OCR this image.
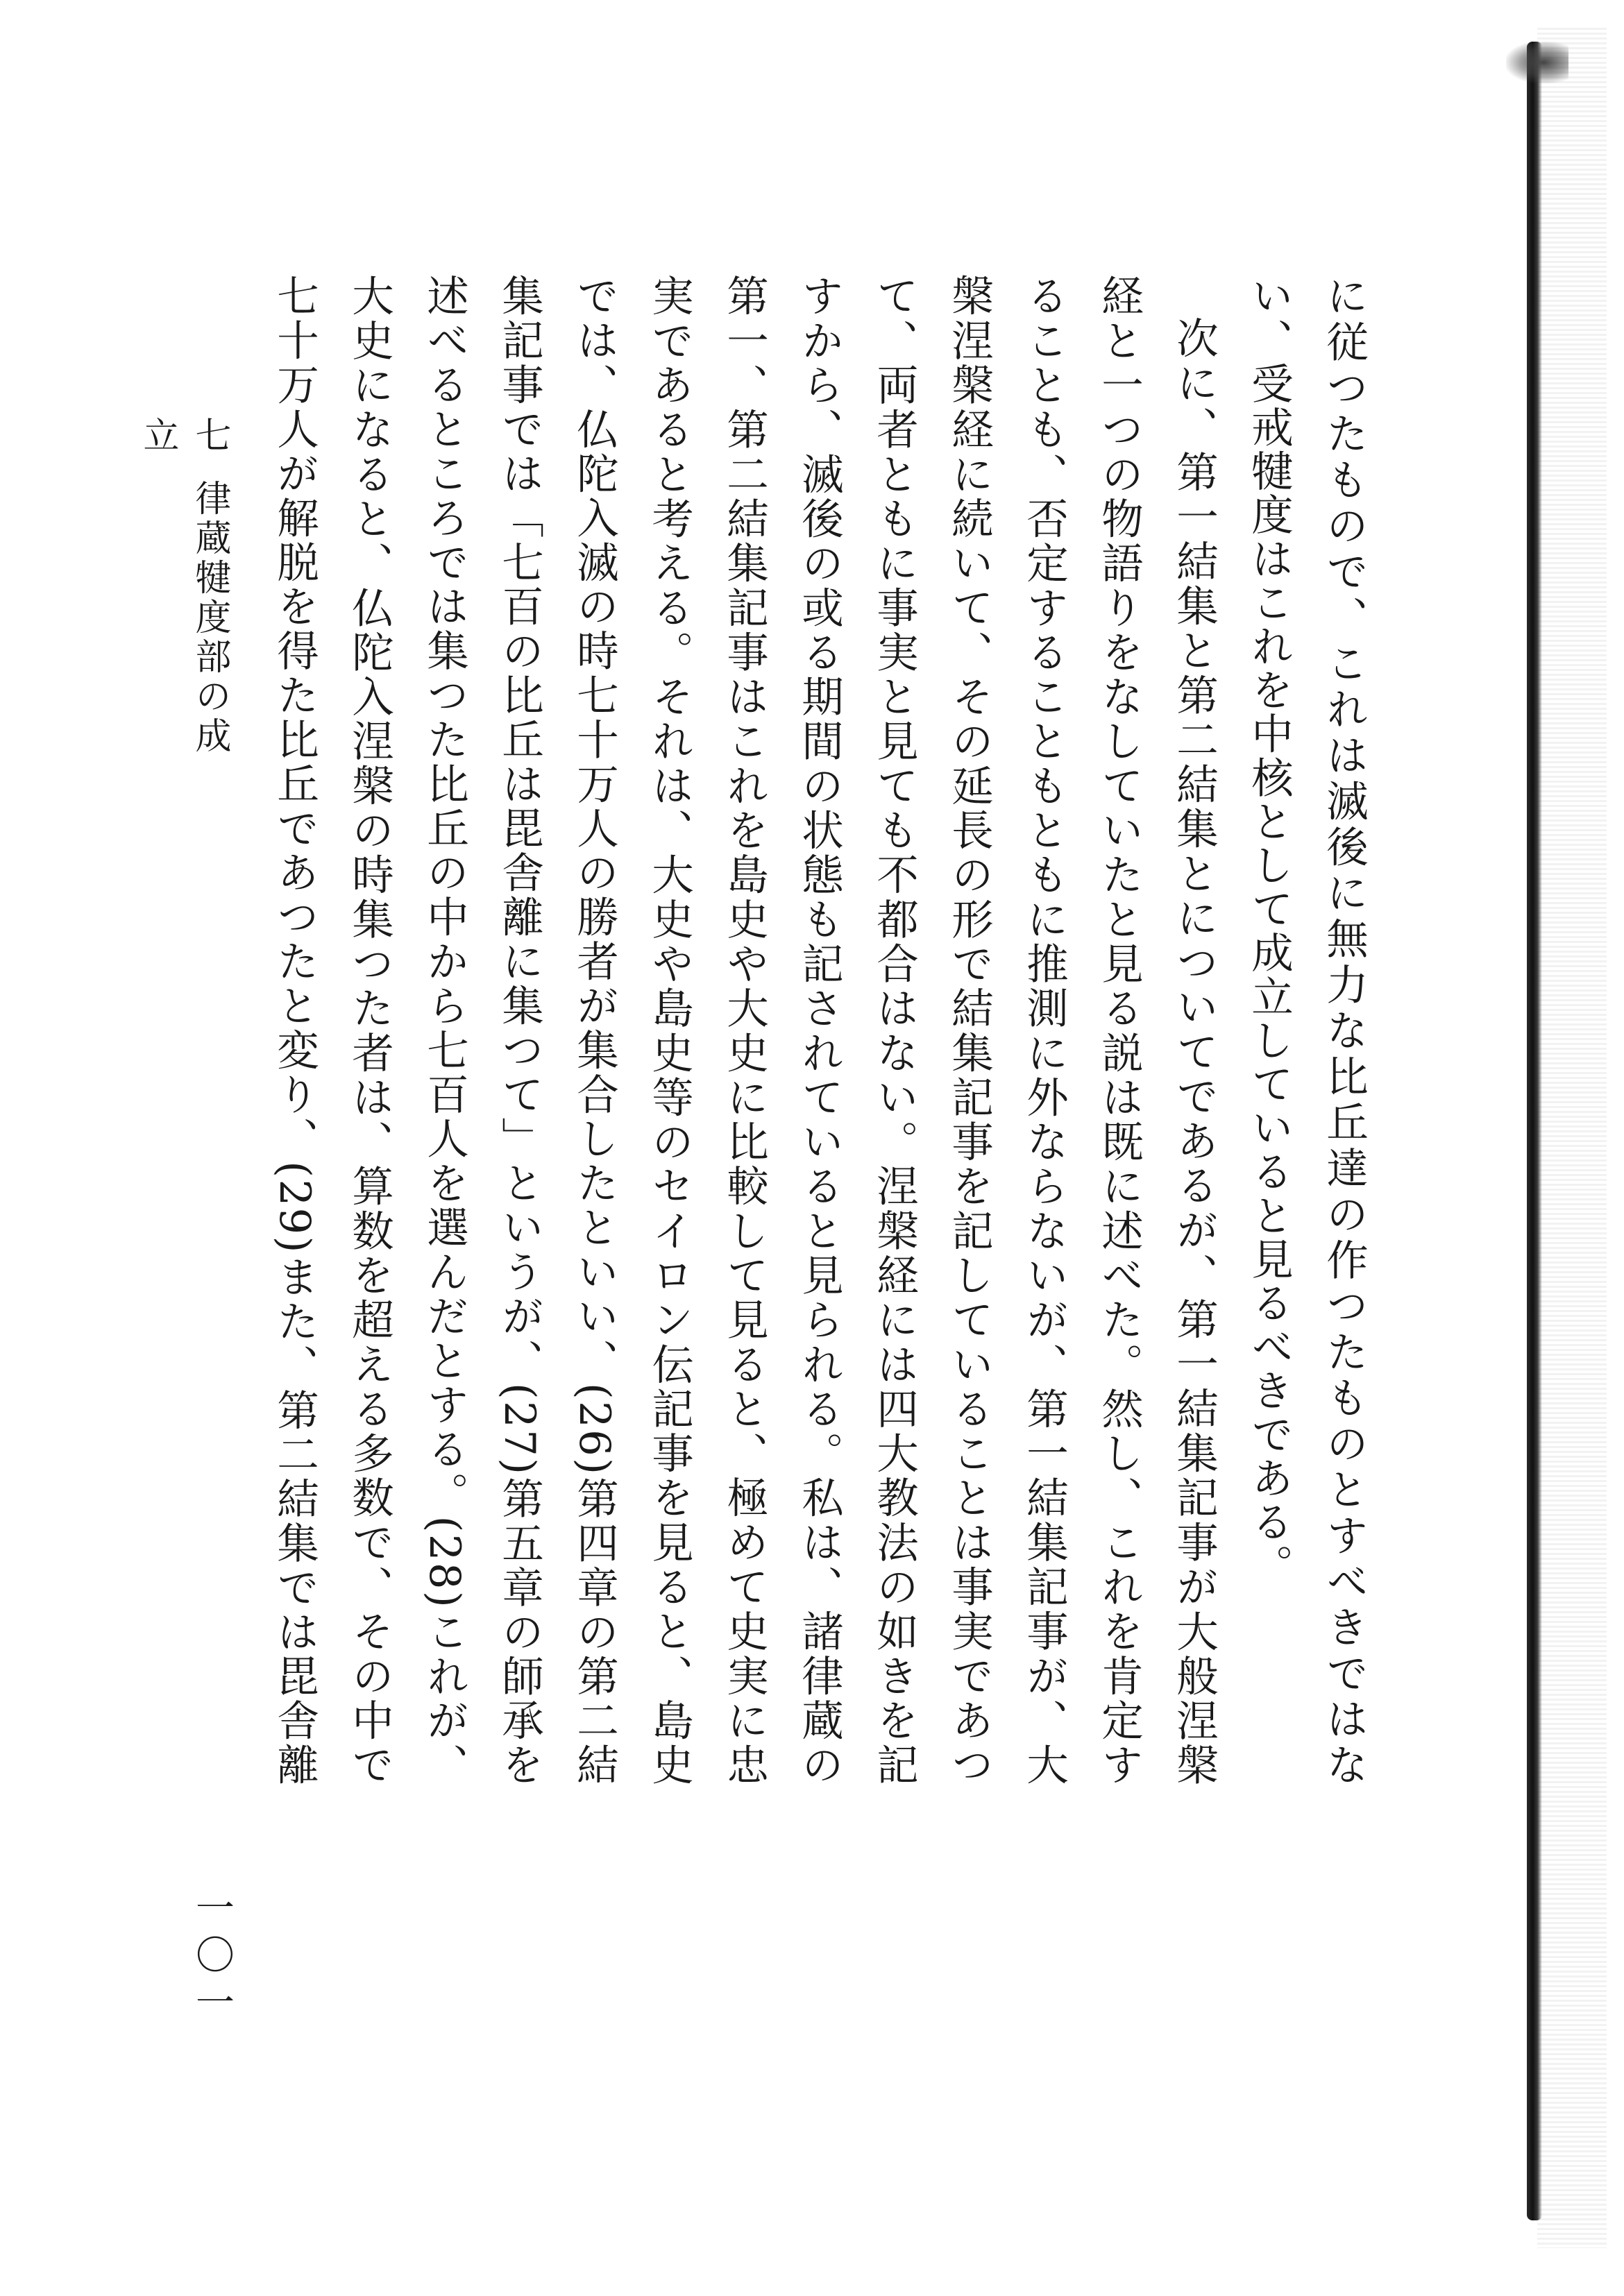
に従つたもので、これは滅後に無力な比丘達の作つたものとすべきではない、受戒犍度はこれを中核として成立していると見るべきである。

次に、第一結集と第二結集とについてであるが、第一結集記事が大般涅槃経と一つの物語りをなしていたと見る説は既に述べた。然し、これを肯定することも、否定することもともに推測に外ならないが、第一結集記事が、大槃涅槃経に続いて、その延長の形で結集記事を記していることは事実であつて、両者ともに事実と見ても不都合はない。涅槃経には四大教法の如きを記すから、滅後の或る期間の状態も記されていると見られる。私は、諸律蔵の第一、第二結集記事はこれを島史や大史に比較して見ると、極めて史実に忠実であると考える。それは、大史や島史等のセイロン伝記事を見ると、島史では、仏陀入滅の時七十万人の勝者が集合したといい、(26)第四章の第二結集記事では「七百の比丘は毘舎離に集つて」というが、(27)第五章の師承を述べるところでは集つた比丘の中から七百人を選んだとする。(28)これが、大史になると、仏陀入涅槃の時集つた者は、算数を超える多数で、その中で七十万人が解脱を得た比丘であつたと変り、(29)また、第二結集では毘舎離

七律蔵犍度部の成立
一〇一
